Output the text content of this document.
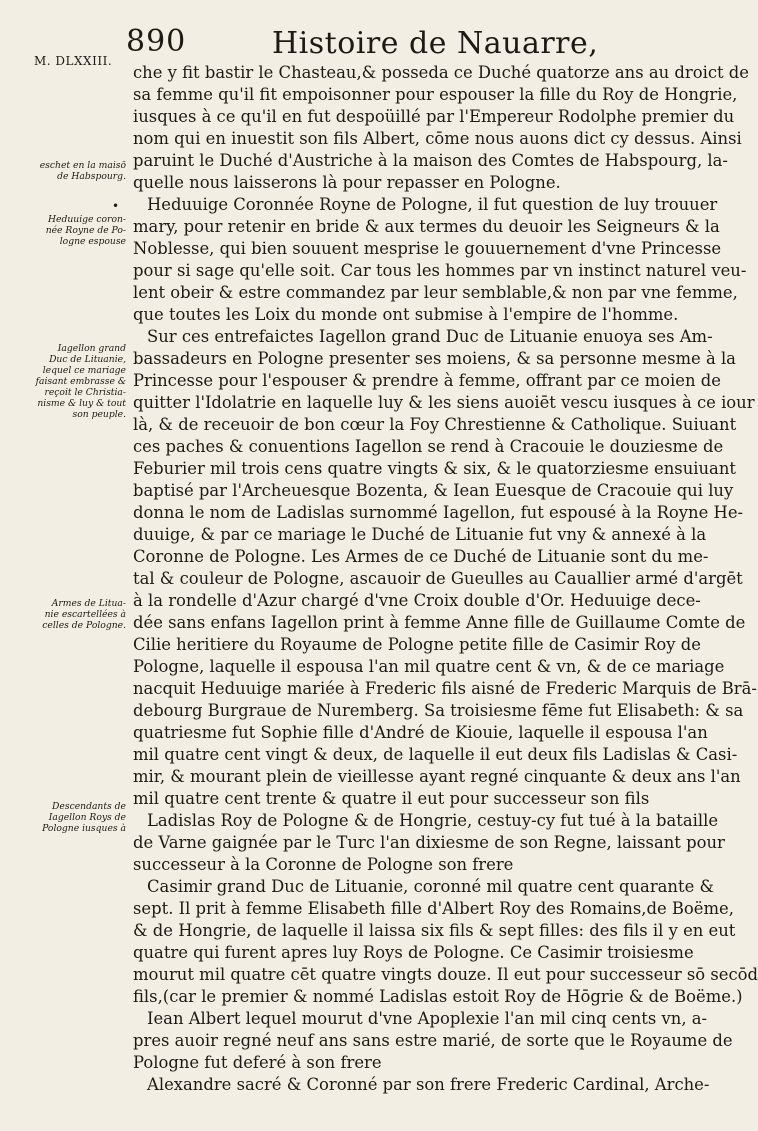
890	Histoire de Nauarre,
M. DLXXIII.
eschet en la maisō
de Habspourg.
•
Heduuige coron-
née Royne de Po-
logne espouse
Iagellon grand
Duc de Lituanie,
lequel ce mariage
faisant embrasse &
reçoit le Christia-
nisme & luy & tout
son peuple.
Armes de Litua-
nie escartellées à
celles de Pologne.
Descendants de
Iagellon Roys de
Pologne iusques à
che y fit bastir le Chasteau,& posseda ce Duché quatorze ans au droict de
sa femme qu'il fit empoisonner pour espouser la fille du Roy de Hongrie,
iusques à ce qu'il en fut despoüillé par l'Empereur Rodolphe premier du
nom qui en inuestit son fils Albert, cōme nous auons dict cy dessus. Ainsi
paruint le Duché d'Austriche à la maison des Comtes de Habspourg, la-
quelle nous laisserons là pour repasser en Pologne.
Heduuige Coronnée Royne de Pologne, il fut question de luy trouuer
mary, pour retenir en bride & aux termes du deuoir les Seigneurs & la
Noblesse, qui bien souuent mesprise le gouuernement d'vne Princesse
pour si sage qu'elle soit. Car tous les hommes par vn instinct naturel veu-
lent obeir & estre commandez par leur semblable,& non par vne femme,
que toutes les Loix du monde ont submise à l'empire de l'homme.
Sur ces entrefaictes Iagellon grand Duc de Lituanie enuoya ses Am-
bassadeurs en Pologne presenter ses moiens, & sa personne mesme à la
Princesse pour l'espouser & prendre à femme, offrant par ce moien de
quitter l'Idolatrie en laquelle luy & les siens auoiēt vescu iusques à ce iour
là, & de receuoir de bon cœur la Foy Chrestienne & Catholique. Suiuant
ces paches & conuentions Iagellon se rend à Cracouie le douziesme de
Feburier mil trois cens quatre vingts & six, & le quatorziesme ensuiuant
baptisé par l'Archeuesque Bozenta, & Iean Euesque de Cracouie qui luy
donna le nom de Ladislas surnommé Iagellon, fut espousé à la Royne He-
duuige, & par ce mariage le Duché de Lituanie fut vny & annexé à la
Coronne de Pologne. Les Armes de ce Duché de Lituanie sont du me-
tal & couleur de Pologne, ascauoir de Gueulles au Cauallier armé d'argēt
à la rondelle d'Azur chargé d'vne Croix double d'Or. Heduuige dece-
dée sans enfans Iagellon print à femme Anne fille de Guillaume Comte de
Cilie heritiere du Royaume de Pologne petite fille de Casimir Roy de
Pologne, laquelle il espousa l'an mil quatre cent & vn, & de ce mariage
nacquit Heduuige mariée à Frederic fils aisné de Frederic Marquis de Brā-
debourg Burgraue de Nuremberg. Sa troisiesme fēme fut Elisabeth: & sa
quatriesme fut Sophie fille d'André de Kiouie, laquelle il espousa l'an
mil quatre cent vingt & deux, de laquelle il eut deux fils Ladislas & Casi-
mir, & mourant plein de vieillesse ayant regné cinquante & deux ans l'an
mil quatre cent trente & quatre il eut pour successeur son fils
Ladislas Roy de Pologne & de Hongrie, cestuy-cy fut tué à la bataille
de Varne gaignée par le Turc l'an dixiesme de son Regne, laissant pour
successeur à la Coronne de Pologne son frere
Casimir grand Duc de Lituanie, coronné mil quatre cent quarante &
sept. Il prit à femme Elisabeth fille d'Albert Roy des Romains,de Boëme,
& de Hongrie, de laquelle il laissa six fils & sept filles: des fils il y en eut
quatre qui furent apres luy Roys de Pologne. Ce Casimir troisiesme
mourut mil quatre cēt quatre vingts douze. Il eut pour successeur sō secōd
fils,(car le premier & nommé Ladislas estoit Roy de Hōgrie & de Boëme.)
Iean Albert lequel mourut d'vne Apoplexie l'an mil cinq cents vn, a-
pres auoir regné neuf ans sans estre marié, de sorte que le Royaume de
Pologne fut deferé à son frere
Alexandre sacré & Coronné par son frere Frederic Cardinal, Arche-
